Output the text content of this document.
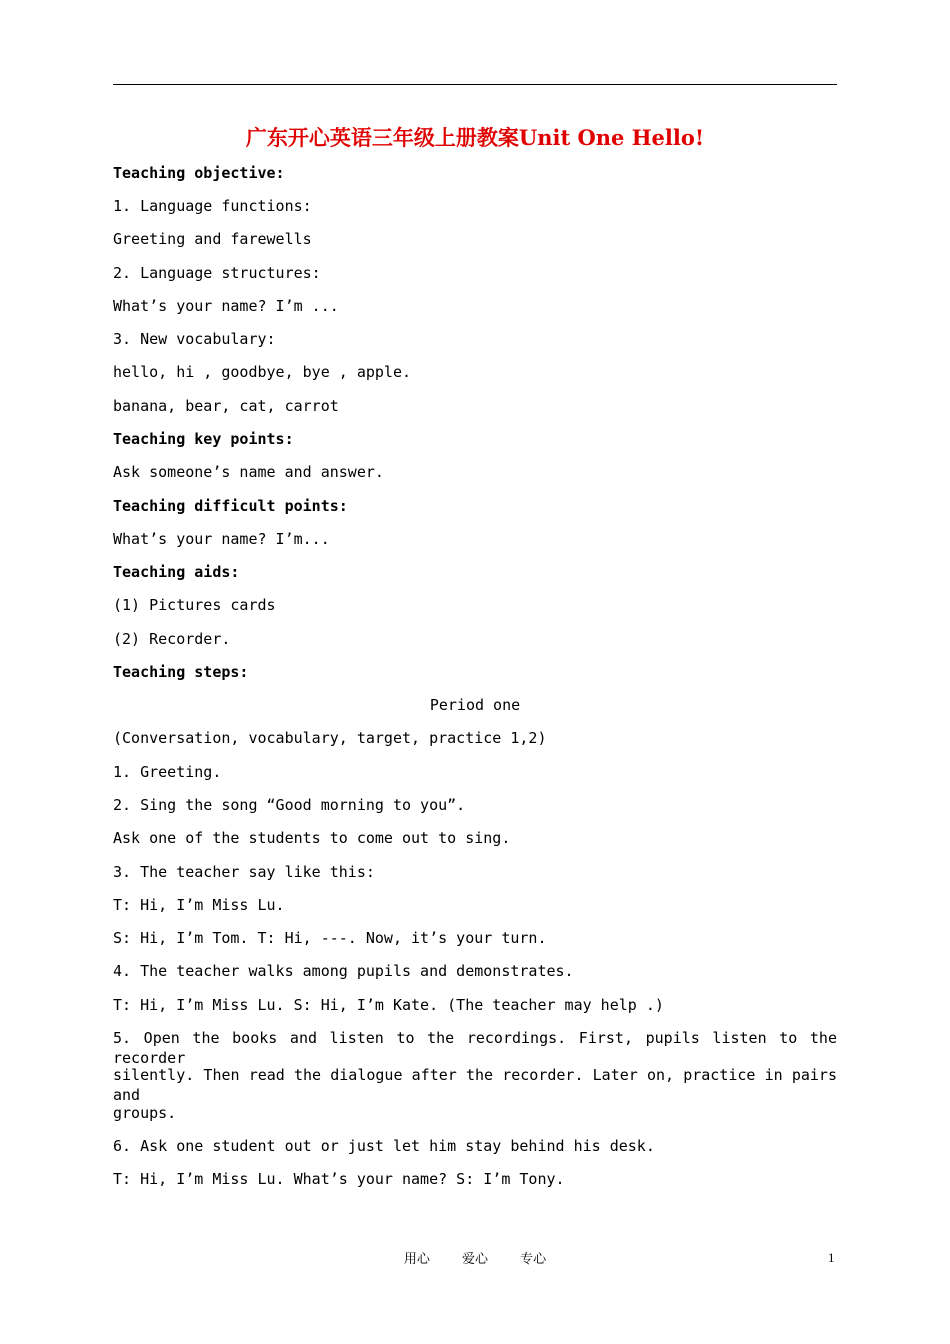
广东开心英语三年级上册教案Unit One Hello!
Teaching objective:
1. Language functions:
Greeting and farewells
2. Language structures:
What’s your name? I’m ...
3. New vocabulary:
hello, hi , goodbye, bye , apple.
banana, bear, cat, carrot
Teaching key points:
Ask someone’s name and answer.
Teaching difficult points:
What’s your name? I’m...
Teaching aids:
(1) Pictures cards
(2) Recorder.
Teaching steps:
Period one
(Conversation, vocabulary, target, practice 1,2)
1. Greeting.
2. Sing the song “Good morning to you”.
Ask one of the students to come out to sing.
3. The teacher say like this:
T: Hi, I’m Miss Lu.
S: Hi, I’m Tom. T: Hi, ---. Now, it’s your turn.
4. The teacher walks among pupils and demonstrates.
T: Hi, I’m Miss Lu. S: Hi, I’m Kate. (The teacher may help .)
5. Open the books and listen to the recordings. First, pupils listen to the recorder
silently. Then read the dialogue after the recorder. Later on, practice in pairs and
groups.
6. Ask one student out or just let him stay behind his desk.
T: Hi, I’m Miss Lu. What’s your name? S: I’m Tony.
用心 爱心 专心	1
